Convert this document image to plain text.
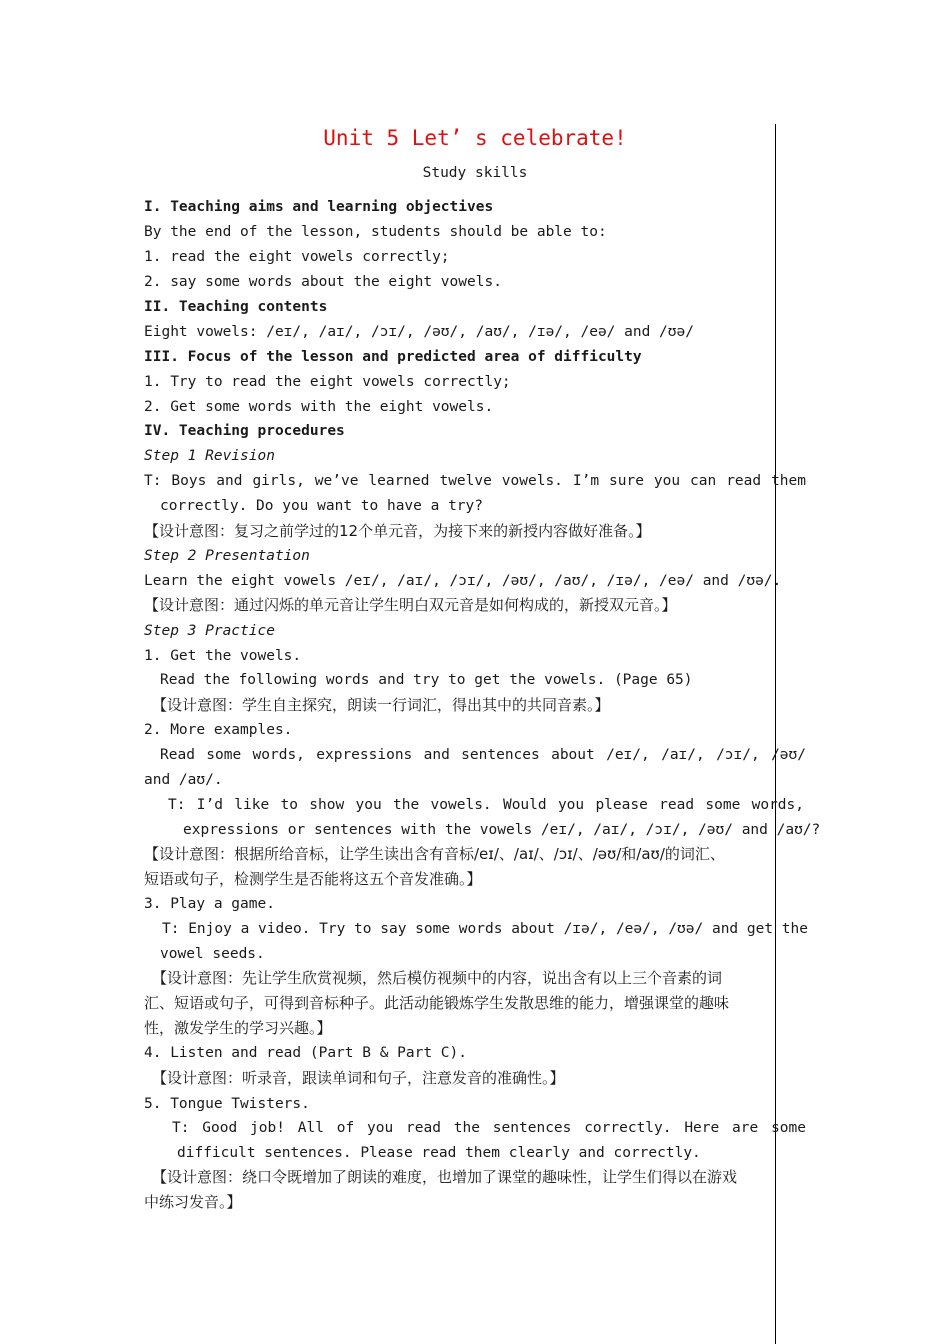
Unit 5 Let’ s celebrate!
Study skills
I. Teaching aims and learning objectives
By the end of the lesson, students should be able to:
1. read the eight vowels correctly;
2. say some words about the eight vowels.
II. Teaching contents
Eight vowels: /eɪ/, /aɪ/, /ɔɪ/, /əʊ/, /aʊ/, /ɪə/, /eə/ and /ʊə/
III. Focus of the lesson and predicted area of difficulty
1. Try to read the eight vowels correctly;
2. Get some words with the eight vowels.
IV. Teaching procedures
Step 1 Revision
T: Boys and girls, we’ve learned twelve vowels. I’m sure you can read them
correctly. Do you want to have a try?
【设计意图：复习之前学过的12个单元音，为接下来的新授内容做好准备。】
Step 2 Presentation
Learn the eight vowels /eɪ/, /aɪ/, /ɔɪ/, /əʊ/, /aʊ/, /ɪə/, /eə/ and /ʊə/.
【设计意图：通过闪烁的单元音让学生明白双元音是如何构成的，新授双元音。】
Step 3 Practice
1. Get the vowels.
Read the following words and try to get the vowels. (Page 65)
【设计意图：学生自主探究，朗读一行词汇，得出其中的共同音素。】
2. More examples.
Read some words, expressions and sentences about /eɪ/, /aɪ/, /ɔɪ/, /əʊ/
and /aʊ/.
T: I’d like to show you the vowels. Would you please read some words,
expressions or sentences with the vowels /eɪ/, /aɪ/, /ɔɪ/, /əʊ/ and /aʊ/?
【设计意图：根据所给音标，让学生读出含有音标/eɪ/、/aɪ/、/ɔɪ/、/əʊ/和/aʊ/的词汇、
短语或句子，检测学生是否能将这五个音发准确。】
3. Play a game.
T: Enjoy a video. Try to say some words about /ɪə/, /eə/, /ʊə/ and get the
vowel seeds.
【设计意图：先让学生欣赏视频，然后模仿视频中的内容，说出含有以上三个音素的词
汇、短语或句子，可得到音标种子。此活动能锻炼学生发散思维的能力，增强课堂的趣味
性，激发学生的学习兴趣。】
4. Listen and read (Part B & Part C).
【设计意图：听录音，跟读单词和句子，注意发音的准确性。】
5. Tongue Twisters.
T: Good job! All of you read the sentences correctly. Here are some
difficult sentences. Please read them clearly and correctly.
【设计意图：绕口令既增加了朗读的难度，也增加了课堂的趣味性，让学生们得以在游戏
中练习发音。】
